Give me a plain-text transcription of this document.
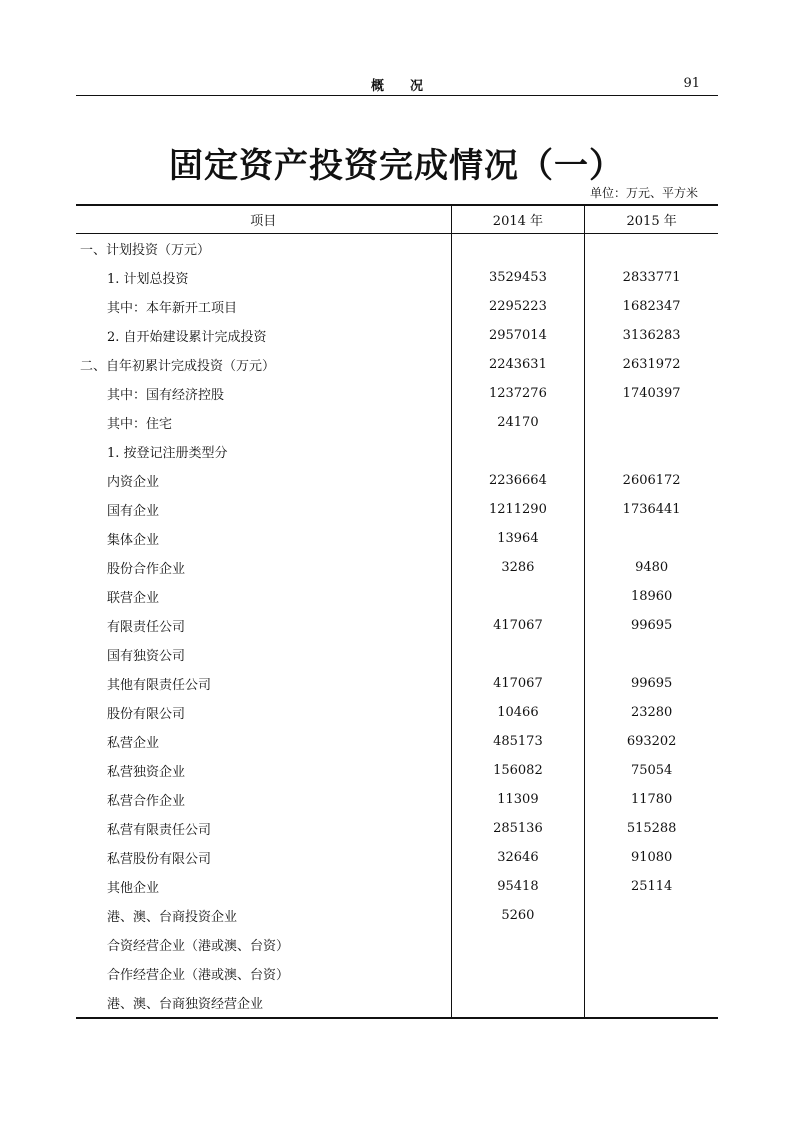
概况	91
固定资产投资完成情况（一）
单位：万元、平方米
项目	2014 年	2015 年
一、计划投资（万元）		
1. 计划总投资	3529453	2833771
其中：本年新开工项目	2295223	1682347
2. 自开始建设累计完成投资	2957014	3136283
二、自年初累计完成投资（万元）	2243631	2631972
其中：国有经济控股	1237276	1740397
其中：住宅	24170	
1. 按登记注册类型分		
内资企业	2236664	2606172
国有企业	1211290	1736441
集体企业	13964	
股份合作企业	3286	9480
联营企业		18960
有限责任公司	417067	99695
国有独资公司		
其他有限责任公司	417067	99695
股份有限公司	10466	23280
私营企业	485173	693202
私营独资企业	156082	75054
私营合作企业	11309	11780
私营有限责任公司	285136	515288
私营股份有限公司	32646	91080
其他企业	95418	25114
港、澳、台商投资企业	5260	
合资经营企业（港或澳、台资）		
合作经营企业（港或澳、台资）		
港、澳、台商独资经营企业		
